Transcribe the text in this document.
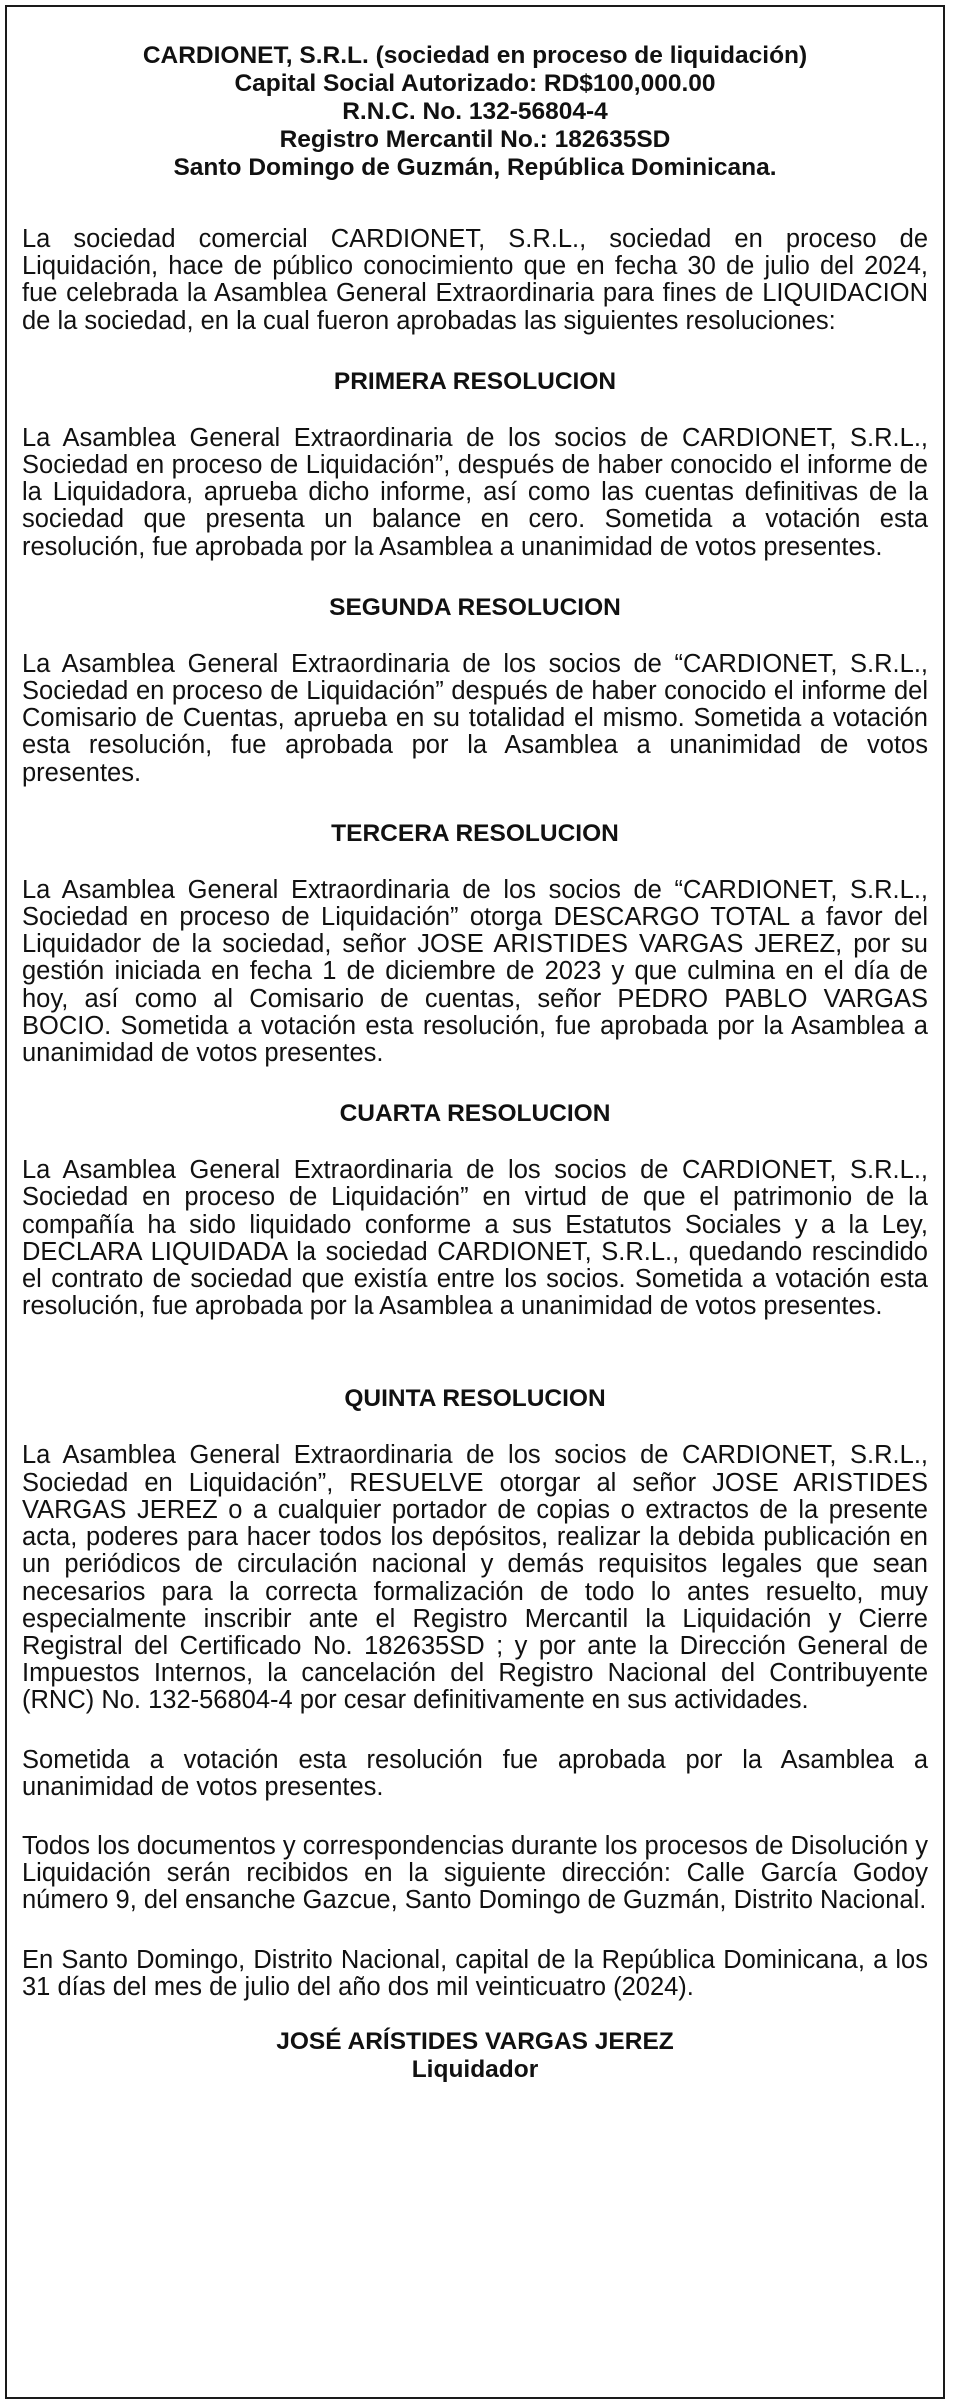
CARDIONET, S.R.L. (sociedad en proceso de liquidación)
Capital Social Autorizado: RD$100,000.00
R.N.C. No. 132-56804-4
Registro Mercantil No.: 182635SD
Santo Domingo de Guzmán, República Dominicana.

La sociedad comercial CARDIONET, S.R.L., sociedad en proceso de Liquidación, hace de público conocimiento que en fecha 30 de julio del 2024, fue celebrada la Asamblea General Extraordinaria para fines de LIQUIDACION de la sociedad, en la cual fueron aprobadas las siguientes resoluciones:

PRIMERA RESOLUCION

La Asamblea General Extraordinaria de los socios de CARDIONET, S.R.L., Sociedad en proceso de Liquidación”, después de haber conocido el informe de la Liquidadora, aprueba dicho informe, así como las cuentas definitivas de la sociedad que presenta un balance en cero. Sometida a votación esta resolución, fue aprobada por la Asamblea a unanimidad de votos presentes.

SEGUNDA RESOLUCION

La Asamblea General Extraordinaria de los socios de “CARDIONET, S.R.L., Sociedad en proceso de Liquidación” después de haber conocido el informe del Comisario de Cuentas, aprueba en su totalidad el mismo. Sometida a votación esta resolución, fue aprobada por la Asamblea a unanimidad de votos presentes.

TERCERA RESOLUCION

La Asamblea General Extraordinaria de los socios de “CARDIONET, S.R.L., Sociedad en proceso de Liquidación” otorga DESCARGO TOTAL a favor del Liquidador de la sociedad, señor JOSE ARISTIDES VARGAS JEREZ, por su gestión iniciada en fecha 1 de diciembre de 2023 y que culmina en el día de hoy, así como al Comisario de cuentas, señor PEDRO PABLO VARGAS BOCIO. Sometida a votación esta resolución, fue aprobada por la Asamblea a unanimidad de votos presentes.

CUARTA RESOLUCION

La Asamblea General Extraordinaria de los socios de CARDIONET, S.R.L., Sociedad en proceso de Liquidación” en virtud de que el patrimonio de la compañía ha sido liquidado conforme a sus Estatutos Sociales y a la Ley, DECLARA LIQUIDADA la sociedad CARDIONET, S.R.L., quedando rescindido el contrato de sociedad que existía entre los socios. Sometida a votación esta resolución, fue aprobada por la Asamblea a unanimidad de votos presentes.

QUINTA RESOLUCION

La Asamblea General Extraordinaria de los socios de CARDIONET, S.R.L., Sociedad en Liquidación”, RESUELVE otorgar al señor JOSE ARISTIDES VARGAS JEREZ o a cualquier portador de copias o extractos de la presente acta, poderes para hacer todos los depósitos, realizar la debida publicación en un periódicos de circulación nacional y demás requisitos legales que sean necesarios para la correcta formalización de todo lo antes resuelto, muy especialmente inscribir ante el Registro Mercantil la Liquidación y Cierre Registral del Certificado No. 182635SD ; y por ante la Dirección General de Impuestos Internos, la cancelación del Registro Nacional del Contribuyente (RNC) No. 132-56804-4 por cesar definitivamente en sus actividades.

Sometida a votación esta resolución fue aprobada por la Asamblea a unanimidad de votos presentes.

Todos los documentos y correspondencias durante los procesos de Disolución y Liquidación serán recibidos en la siguiente dirección: Calle García Godoy número 9, del ensanche Gazcue, Santo Domingo de Guzmán, Distrito Nacional.

En Santo Domingo, Distrito Nacional, capital de la República Dominicana, a los 31 días del mes de julio del año dos mil veinticuatro (2024).

JOSÉ ARÍSTIDES VARGAS JEREZ
Liquidador
